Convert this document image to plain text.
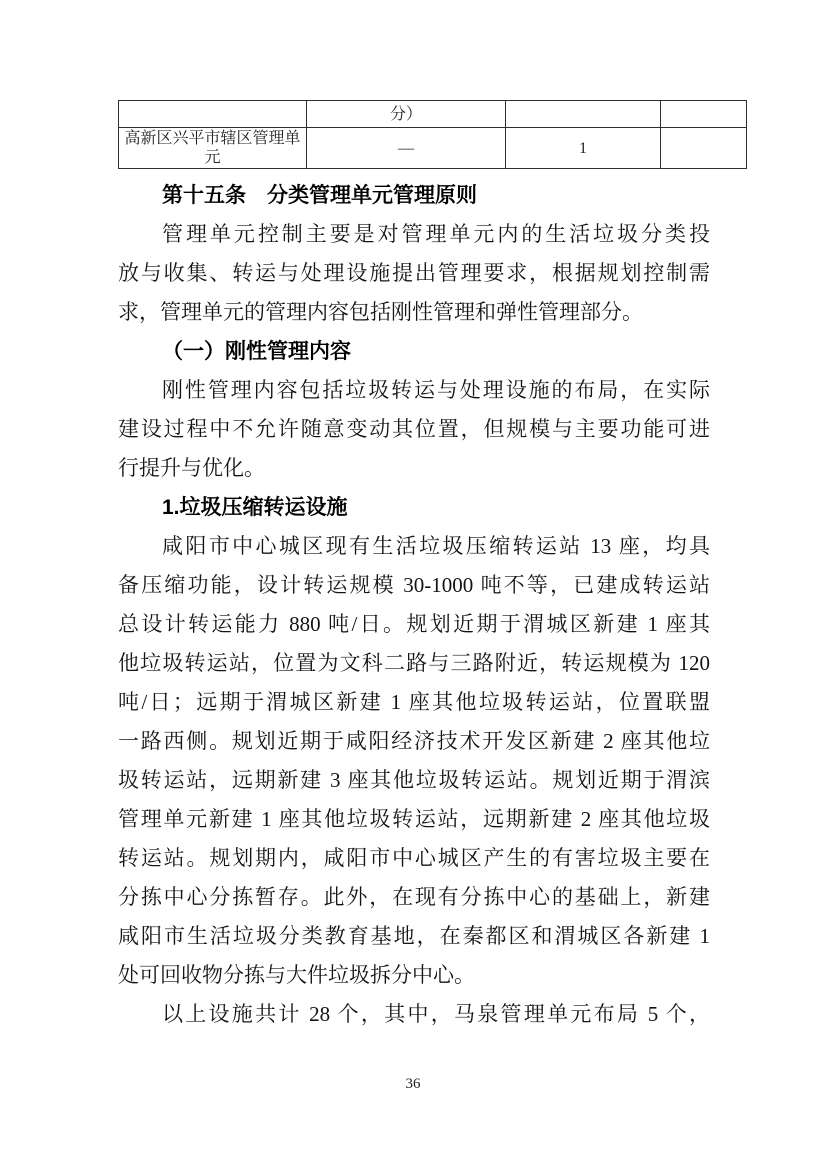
	分）		
高新区兴平市辖区管理单元	—	1	
第十五条　分类管理单元管理原则
管理单元控制主要是对管理单元内的生活垃圾分类投
放与收集、转运与处理设施提出管理要求，根据规划控制需
求，管理单元的管理内容包括刚性管理和弹性管理部分。
（一）刚性管理内容
刚性管理内容包括垃圾转运与处理设施的布局，在实际
建设过程中不允许随意变动其位置，但规模与主要功能可进
行提升与优化。
1.垃圾压缩转运设施
咸阳市中心城区现有生活垃圾压缩转运站 13 座，均具
备压缩功能，设计转运规模 30-1000 吨不等，已建成转运站
总设计转运能力 880 吨/日。规划近期于渭城区新建 1 座其
他垃圾转运站，位置为文科二路与三路附近，转运规模为 120
吨/日；远期于渭城区新建 1 座其他垃圾转运站，位置联盟
一路西侧。规划近期于咸阳经济技术开发区新建 2 座其他垃
圾转运站，远期新建 3 座其他垃圾转运站。规划近期于渭滨
管理单元新建 1 座其他垃圾转运站，远期新建 2 座其他垃圾
转运站。规划期内，咸阳市中心城区产生的有害垃圾主要在
分拣中心分拣暂存。此外，在现有分拣中心的基础上，新建
咸阳市生活垃圾分类教育基地，在秦都区和渭城区各新建 1
处可回收物分拣与大件垃圾拆分中心。
以上设施共计 28 个，其中，马泉管理单元布局 5 个，
36
